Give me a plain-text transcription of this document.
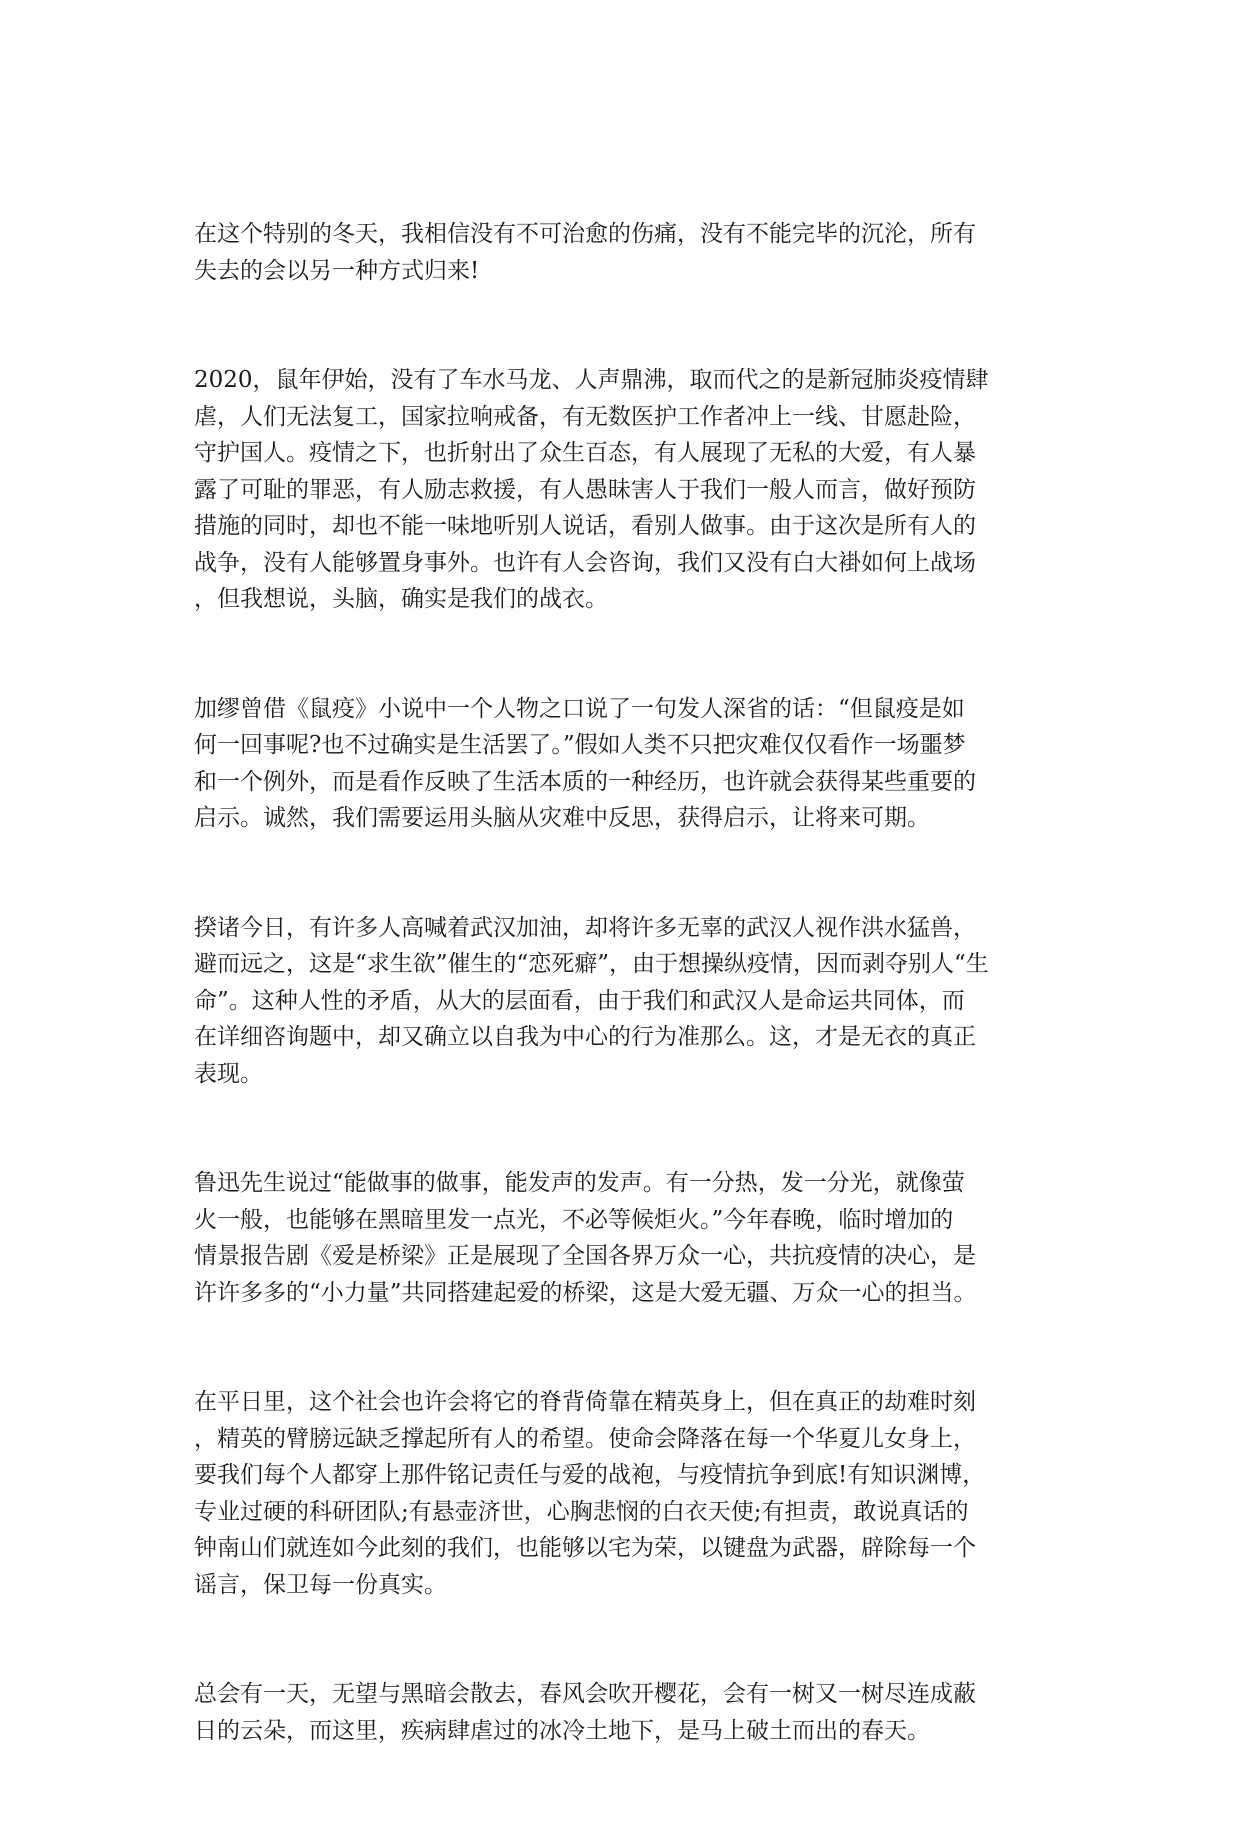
在这个特别的冬天，我相信没有不可治愈的伤痛，没有不能完毕的沉沦，所有
失去的会以另一种方式归来!

2020，鼠年伊始，没有了车水马龙、人声鼎沸，取而代之的是新冠肺炎疫情肆
虐，人们无法复工，国家拉响戒备，有无数医护工作者冲上一线、甘愿赴险，
守护国人。疫情之下，也折射出了众生百态，有人展现了无私的大爱，有人暴
露了可耻的罪恶，有人励志救援，有人愚昧害人于我们一般人而言，做好预防
措施的同时，却也不能一味地听别人说话，看别人做事。由于这次是所有人的
战争，没有人能够置身事外。也许有人会咨询，我们又没有白大褂如何上战场
，但我想说，头脑，确实是我们的战衣。

加缪曾借《鼠疫》小说中一个人物之口说了一句发人深省的话：“但鼠疫是如
何一回事呢?也不过确实是生活罢了。”假如人类不只把灾难仅仅看作一场噩梦
和一个例外，而是看作反映了生活本质的一种经历，也许就会获得某些重要的
启示。诚然，我们需要运用头脑从灾难中反思，获得启示，让将来可期。

揆诸今日，有许多人高喊着武汉加油，却将许多无辜的武汉人视作洪水猛兽，
避而远之，这是“求生欲”催生的“恋死癖”，由于想操纵疫情，因而剥夺别人“生
命”。这种人性的矛盾，从大的层面看，由于我们和武汉人是命运共同体，而
在详细咨询题中，却又确立以自我为中心的行为准那么。这，才是无衣的真正
表现。

鲁迅先生说过“能做事的做事，能发声的发声。有一分热，发一分光，就像萤
火一般，也能够在黑暗里发一点光，不必等候炬火。”今年春晚，临时增加的
情景报告剧《爱是桥梁》正是展现了全国各界万众一心，共抗疫情的决心，是
许许多多的“小力量”共同搭建起爱的桥梁，这是大爱无疆、万众一心的担当。

在平日里，这个社会也许会将它的脊背倚靠在精英身上，但在真正的劫难时刻
，精英的臂膀远缺乏撑起所有人的希望。使命会降落在每一个华夏儿女身上，
要我们每个人都穿上那件铭记责任与爱的战袍，与疫情抗争到底!有知识渊博，
专业过硬的科研团队;有悬壶济世，心胸悲悯的白衣天使;有担责，敢说真话的
钟南山们就连如今此刻的我们，也能够以宅为荣，以键盘为武器，辟除每一个
谣言，保卫每一份真实。

总会有一天，无望与黑暗会散去，春风会吹开樱花，会有一树又一树尽连成蔽
日的云朵，而这里，疾病肆虐过的冰冷土地下，是马上破土而出的春天。
